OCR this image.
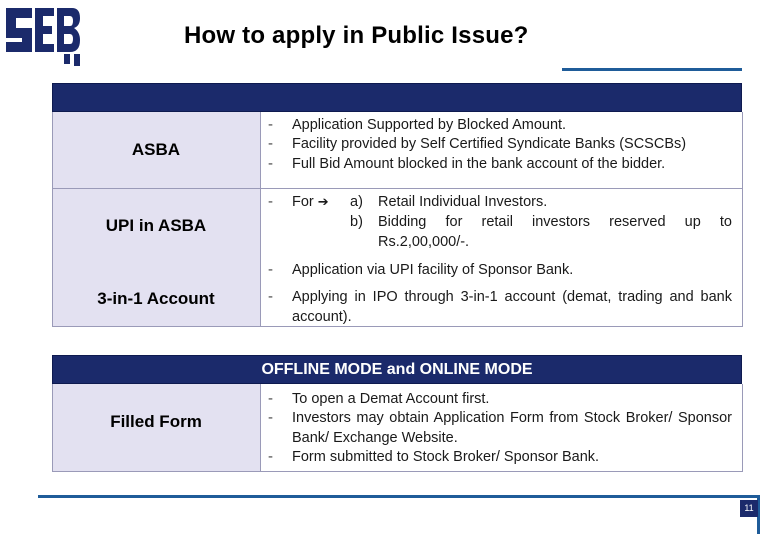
How to apply in Public Issue?
ASBA
-
-
-
Application Supported by Blocked Amount.
Facility provided by Self Certified Syndicate Banks (SCSCBs)
Full Bid Amount blocked in the bank account of the bidder.
UPI in ASBA
- For ➔ a) Retail Individual Investors.
b) Bidding for retail investors reserved up to Rs.2,00,000/-.
- Application via UPI facility of Sponsor Bank.
3-in-1 Account	- Applying in IPO through 3-in-1 account (demat, trading and bank account).
OFFLINE MODE and ONLINE MODE
Filled Form
-
-
-
To open a Demat Account first.
Investors may obtain Application Form from Stock Broker/ Sponsor Bank/ Exchange Website.
Form submitted to Stock Broker/ Sponsor Bank.
11
